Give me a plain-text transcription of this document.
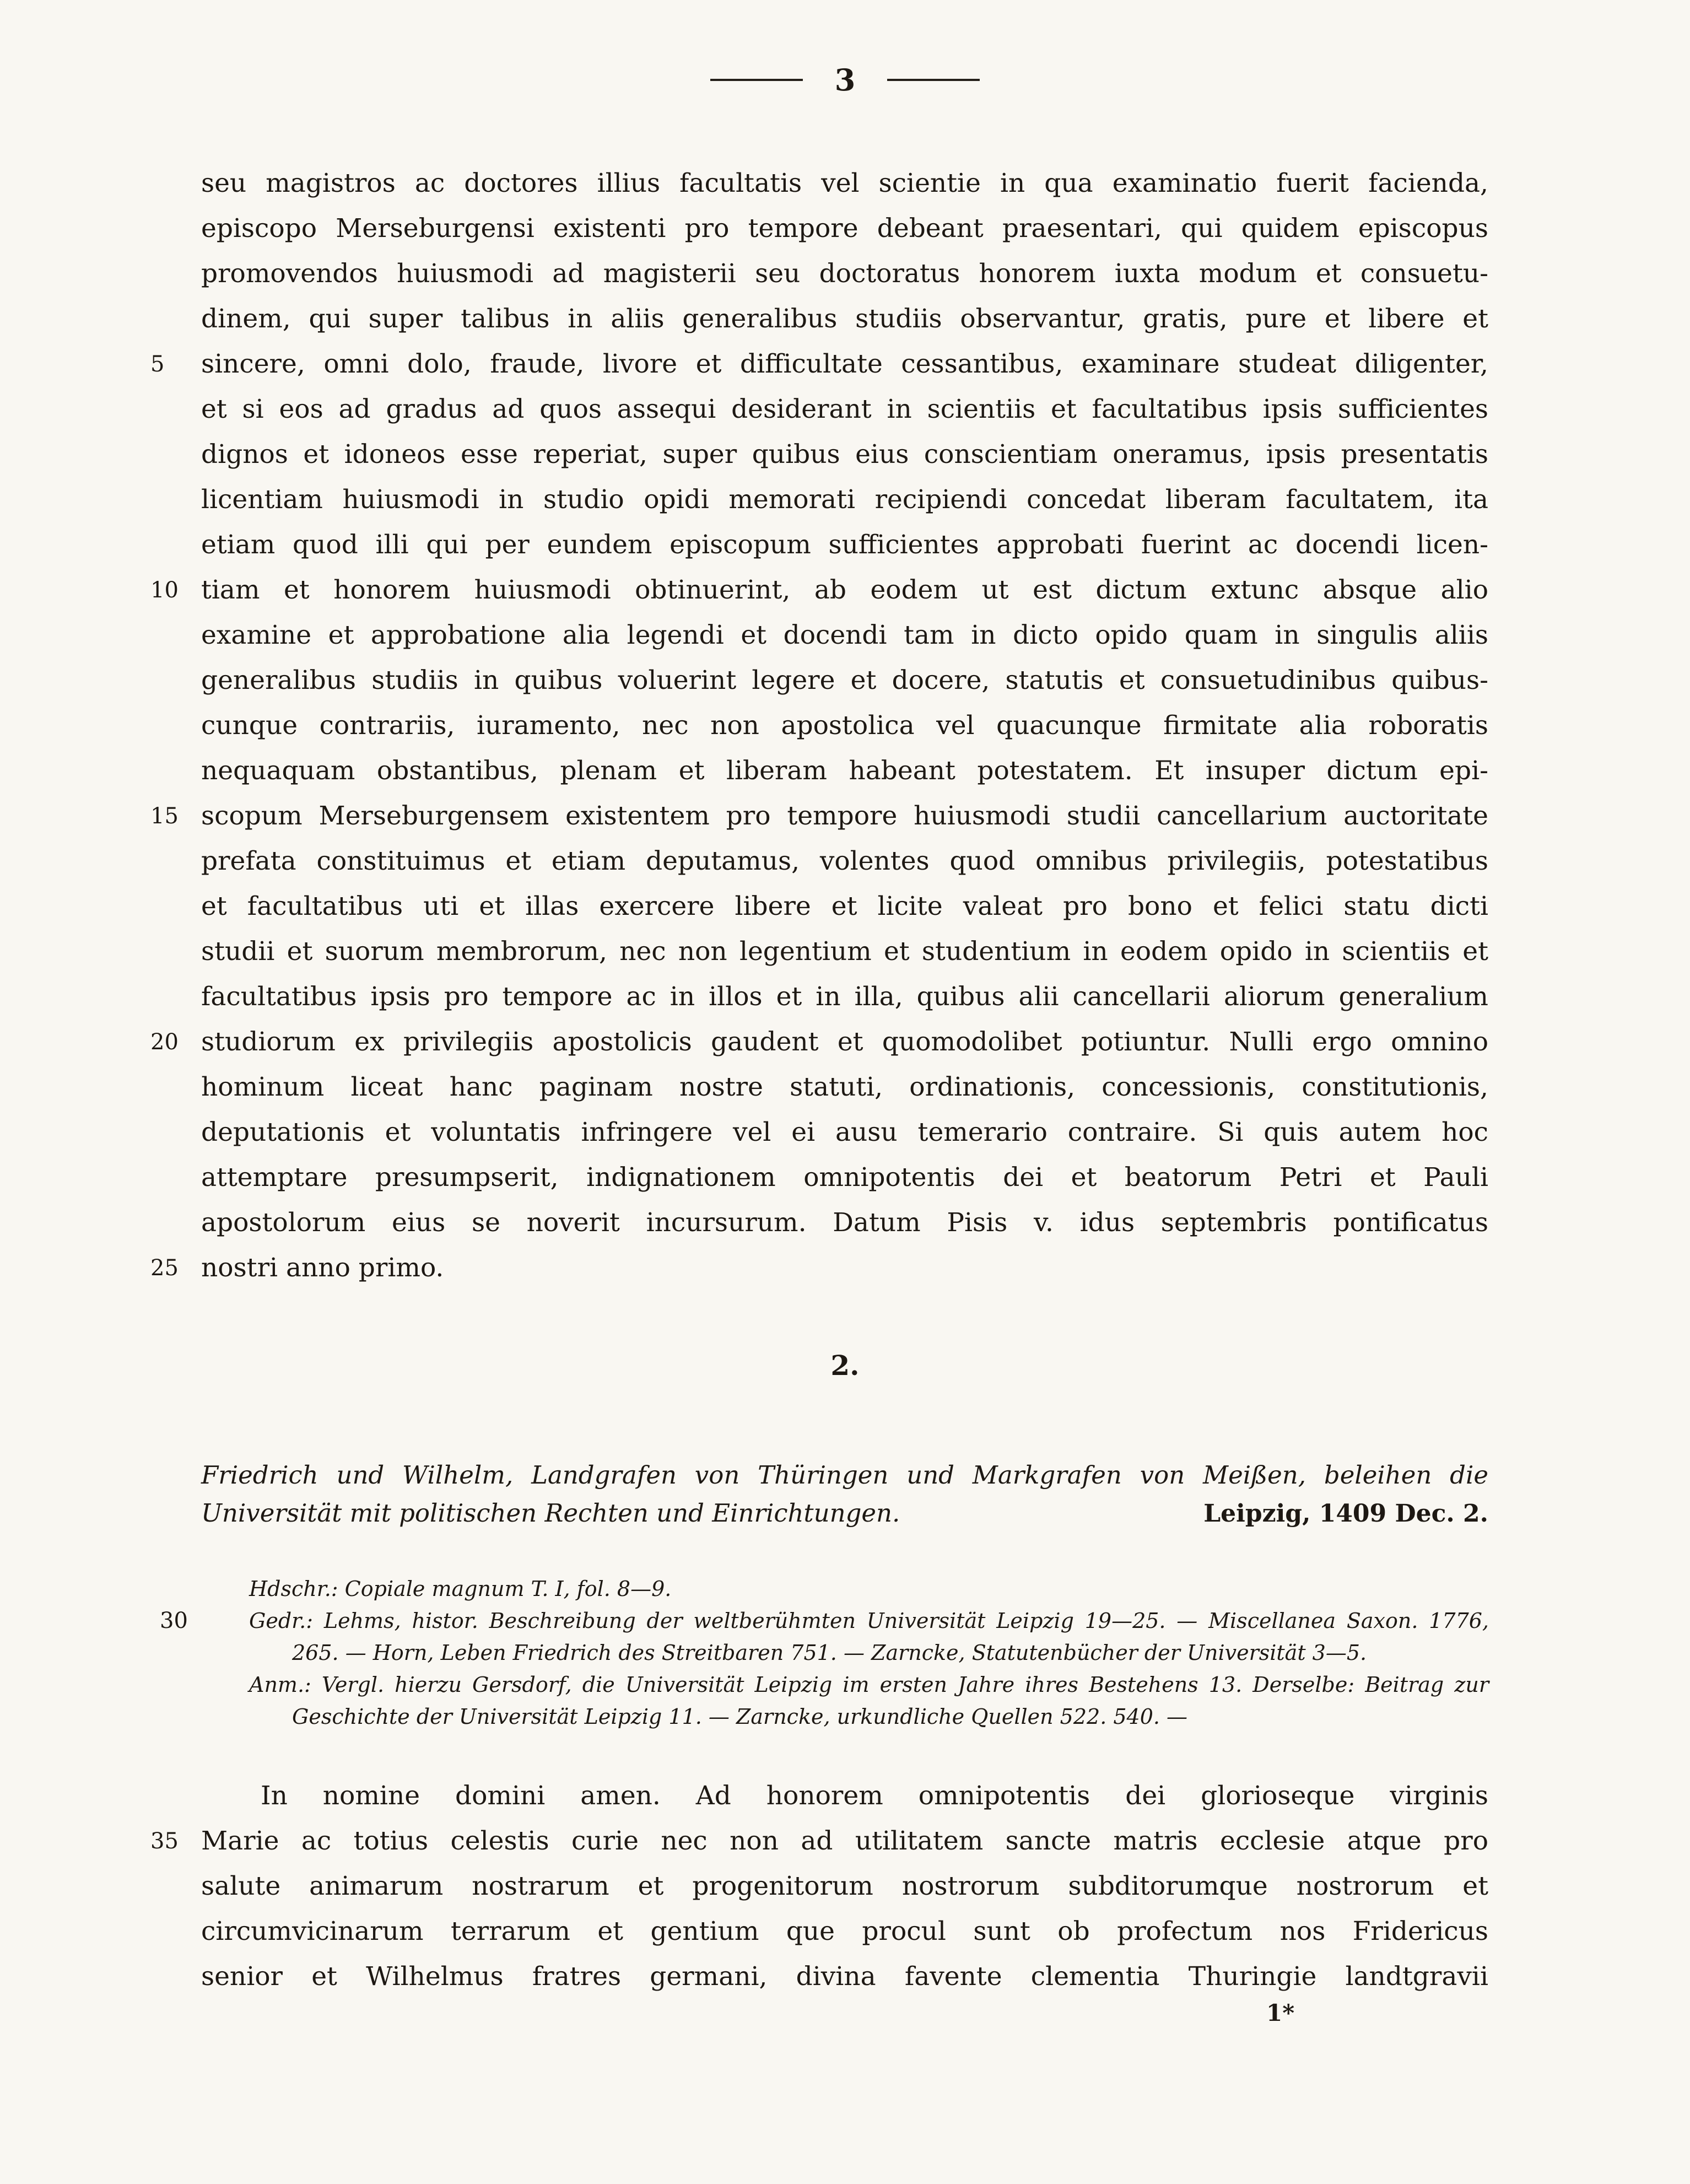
3
seu magistros ac doctores illius facultatis vel scientie in qua examinatio fuerit facienda,
episcopo Merseburgensi existenti pro tempore debeant praesentari, qui quidem episcopus
promovendos huiusmodi ad magisterii seu doctoratus honorem iuxta modum et consuetu-
dinem, qui super talibus in aliis generalibus studiis observantur, gratis, pure et libere et
5	sincere, omni dolo, fraude, livore et difficultate cessantibus, examinare studeat diligenter,
et si eos ad gradus ad quos assequi desiderant in scientiis et facultatibus ipsis sufficientes
dignos et idoneos esse reperiat, super quibus eius conscientiam oneramus, ipsis presentatis
licentiam huiusmodi in studio opidi memorati recipiendi concedat liberam facultatem, ita
etiam quod illi qui per eundem episcopum sufficientes approbati fuerint ac docendi licen-
10 tiam et honorem huiusmodi obtinuerint, ab eodem ut est dictum extunc absque alio
examine et approbatione alia legendi et docendi tam in dicto opido quam in singulis aliis
generalibus studiis in quibus voluerint legere et docere, statutis et consuetudinibus quibus-
cunque contrariis, iuramento, nec non apostolica vel quacunque firmitate alia roboratis
nequaquam obstantibus, plenam et liberam habeant potestatem. Et insuper dictum epi-
15 scopum Merseburgensem existentem pro tempore huiusmodi studii cancellarium auctoritate
prefata constituimus et etiam deputamus, volentes quod omnibus privilegiis, potestatibus
et facultatibus uti et illas exercere libere et licite valeat pro bono et felici statu dicti
studii et suorum membrorum, nec non legentium et studentium in eodem opido in scientiis et
facultatibus ipsis pro tempore ac in illos et in illa, quibus alii cancellarii aliorum generalium
20 studiorum ex privilegiis apostolicis gaudent et quomodolibet potiuntur. Nulli ergo omnino
hominum liceat hanc paginam nostre statuti, ordinationis, concessionis, constitutionis,
deputationis et voluntatis infringere vel ei ausu temerario contraire. Si quis autem hoc
attemptare presumpserit, indignationem omnipotentis dei et beatorum Petri et Pauli
apostolorum eius se noverit incursurum. Datum Pisis v. idus septembris pontificatus
25 nostri anno primo.
2.
Friedrich und Wilhelm, Landgrafen von Thüringen und Markgrafen von Meißen, beleihen die
Universität mit politischen Rechten und Einrichtungen.	Leipzig, 1409 Dec. 2.
Hdschr.: Copiale magnum T. I, fol. 8—9.
30	Gedr.: Lehms, histor. Beschreibung der weltberühmten Universität Leipzig 19—25. — Miscellanea Saxon. 1776,
265. — Horn, Leben Friedrich des Streitbaren 751. — Zarncke, Statutenbücher der Universität 3—5.
Anm.: Vergl. hierzu Gersdorf, die Universität Leipzig im ersten Jahre ihres Bestehens 13. Derselbe: Beitrag zur
Geschichte der Universität Leipzig 11. — Zarncke, urkundliche Quellen 522. 540. —
In nomine domini amen. Ad honorem omnipotentis dei glorioseque virginis
35 Marie ac totius celestis curie nec non ad utilitatem sancte matris ecclesie atque pro
salute animarum nostrarum et progenitorum nostrorum subditorumque nostrorum et
circumvicinarum terrarum et gentium que procul sunt ob profectum nos Fridericus
senior et Wilhelmus fratres germani, divina favente clementia Thuringie landtgravii
1*
